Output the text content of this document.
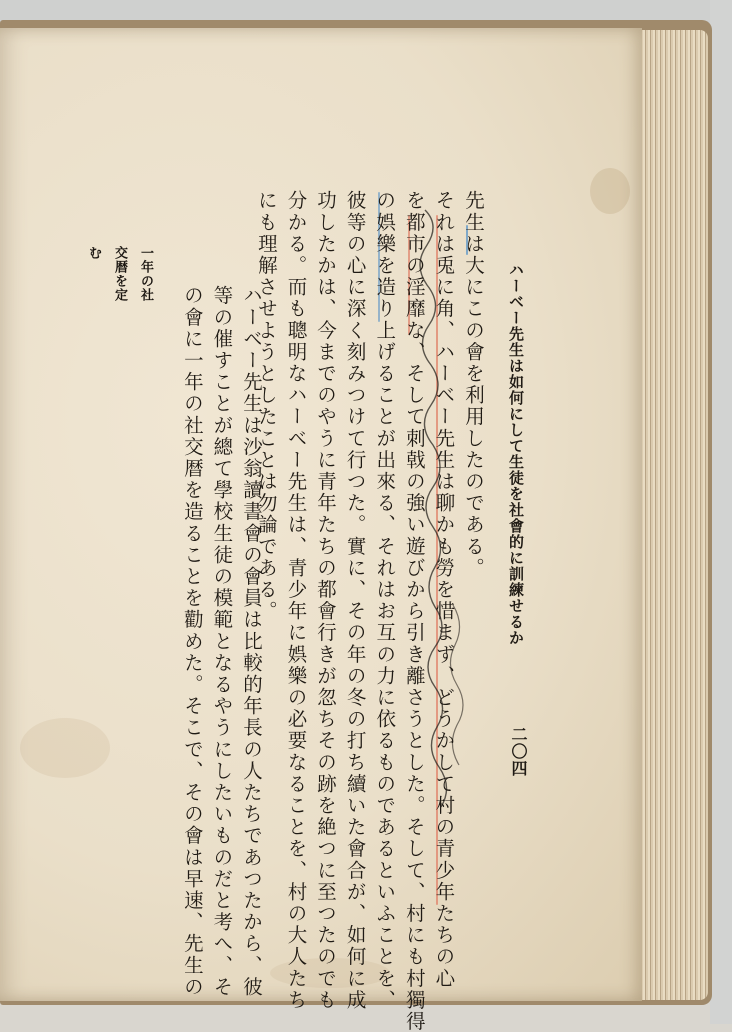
ハーベー先生は如何にして生徒を社會的に訓練せるか
二〇四
先生は大にこの會を利用したのである。
それは兎に角、ハーベー先生は聊かも勞を惜まず、どうかして村の青少年たちの心
を都市の淫靡な、そして刺戟の強い遊びから引き離さうとした。そして、村にも村獨得
の娯樂を造り上げることが出來る、それはお互の力に依るものであるといふことを、
彼等の心に深く刻みつけて行つた。實に、その年の冬の打ち續いた會合が、如何に成
功したかは、今までのやうに青年たちの都會行きが忽ちその跡を絶つに至つたのでも
分かる。而も聰明なハーベー先生は、青少年に娯樂の必要なることを、村の大人たち
にも理解させようとしたことは勿論である。
一年の社
交暦を定
む
ハーベー先生は沙翁讀書會の會員は比較的年長の人たちであつたから、彼
等の催すことが總て學校生徒の模範となるやうにしたいものだと考へ、そ
の會に一年の社交暦を造ることを勸めた。そこで、その會は早速、先生の
